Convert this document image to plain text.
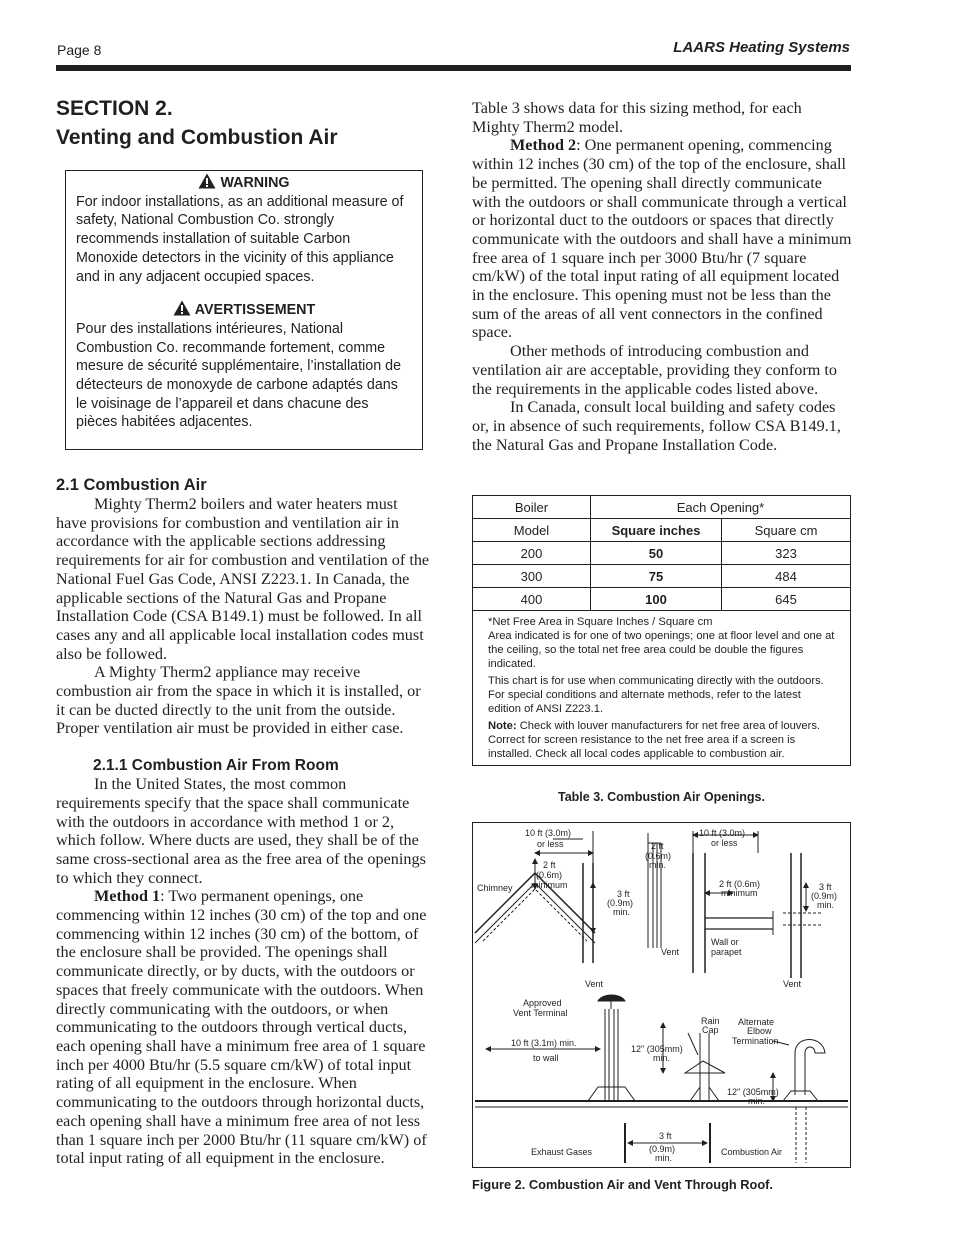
Page 8	LAARS Heating Systems
SECTION 2.
Venting and Combustion Air
WARNING
For indoor installations, as an additional measure of safety, National Combustion Co. strongly recommends installation of suitable Carbon Monoxide detectors in the vicinity of this appliance and in any adjacent occupied spaces.
AVERTISSEMENT
Pour des installations intérieures, National Combustion Co. recommande fortement, comme mesure de sécurité supplémentaire, l’installation de détecteurs de monoxyde de carbone adaptés dans le voisinage de l’appareil et dans chacune des pièces habitées adjacentes.
2.1 Combustion Air

Mighty Therm2 boilers and water heaters must have provisions for combustion and ventilation air in accordance with the applicable sections addressing requirements for air for combustion and ventilation of the National Fuel Gas Code, ANSI Z223.1. In Canada, the applicable sections of the Natural Gas and Propane Installation Code (CSA B149.1) must be followed. In all cases any and all applicable local installation codes must also be followed.

A Mighty Therm2 appliance may receive combustion air from the space in which it is installed, or it can be ducted directly to the unit from the outside. Proper ventilation air must be provided in either case.

2.1.1 Combustion Air From Room

In the United States, the most common requirements specify that the space shall communicate with the outdoors in accordance with method 1 or 2, which follow. Where ducts are used, they shall be of the same cross-sectional area as the free area of the openings to which they connect.

Method 1: Two permanent openings, one commencing within 12 inches (30 cm) of the top and one commencing within 12 inches (30 cm) of the bottom, of the enclosure shall be provided. The openings shall communicate directly, or by ducts, with the outdoors or spaces that freely communicate with the outdoors. When directly communicating with the outdoors, or when communicating to the outdoors through vertical ducts, each opening shall have a minimum free area of 1 square inch per 4000 Btu/hr (5.5 square cm/kW) of total input rating of all equipment in the enclosure. When communicating to the outdoors through horizontal ducts, each opening shall have a minimum free area of not less than 1 square inch per 2000 Btu/hr (11 square cm/kW) of total input rating of all equipment in the enclosure.

Table 3 shows data for this sizing method, for each Mighty Therm2 model.

Method 2: One permanent opening, commencing within 12 inches (30 cm) of the top of the enclosure, shall be permitted. The opening shall directly communicate with the outdoors or shall communicate through a vertical or horizontal duct to the outdoors or spaces that directly communicate with the outdoors and shall have a minimum free area of 1 square inch per 3000 Btu/hr (7 square cm/kW) of the total input rating of all equipment located in the enclosure. This opening must not be less than the sum of the areas of all vent connectors in the confined space.

Other methods of introducing combustion and ventilation air are acceptable, providing they conform to the requirements in the applicable codes listed above.

In Canada, consult local building and safety codes or, in absence of such requirements, follow CSA B149.1, the Natural Gas and Propane Installation Code.

Boiler	Each Opening*	
Model	Square inches	Square cm
200	50	323
300	75	484
400	100	645

*Net Free Area in Square Inches / Square cm

Area indicated is for one of two openings; one at floor level and one at the ceiling, so the total net free area could be double the figures indicated.

This chart is for use when communicating directly with the outdoors. For special conditions and alternate methods, refer to the latest edition of ANSI Z223.1.

Note: Check with louver manufacturers for net free area of louvers. Correct for screen resistance to the net free area if a screen is installed. Check all local codes applicable to combustion air.

Table 3. Combustion Air Openings.
10 ft (3.0m)
or less
2 ft
(0.6m)
minimum
Chimney
3 ft
(0.9m)
min.
Vent
2 ft
(0.6m)
min.
10 ft (3.0m)
or less
2 ft (0.6m)
minimum
3 ft
(0.9m)
min.
Vent
Wall or
parapet
Vent
Approved
Vent Terminal
10 ft (3.1m) min.
to wall
12" (305mm)
min.
Rain
Cap
Alternate
Elbow
Termination
12" (305mm)
min.
Exhaust Gases
3 ft
(0.9m)
min.
Combustion Air
Figure 2. Combustion Air and Vent Through Roof.
